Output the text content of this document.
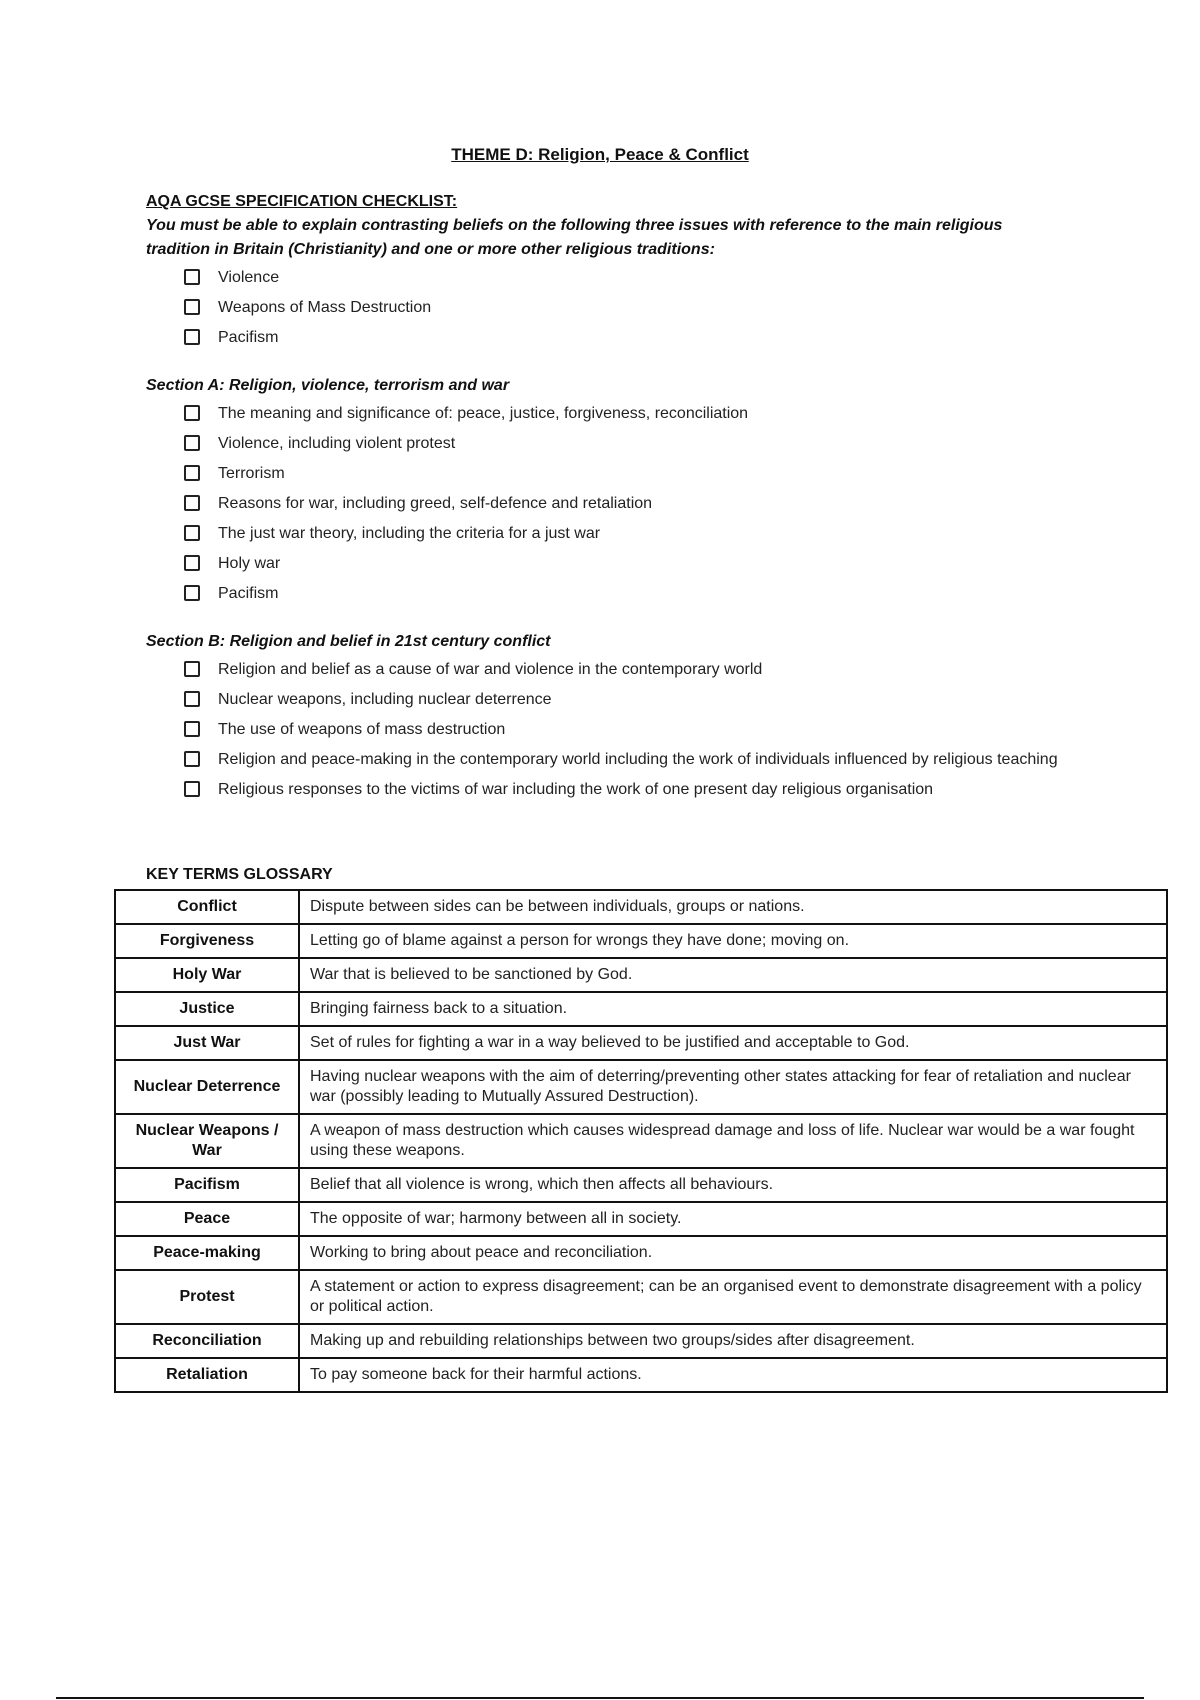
THEME D: Religion, Peace & Conflict

AQA GCSE SPECIFICATION CHECKLIST:

You must be able to explain contrasting beliefs on the following three issues with reference to the main religious tradition in Britain (Christianity) and one or more other religious traditions:

Violence
Weapons of Mass Destruction
Pacifism

Section A: Religion, violence, terrorism and war

The meaning and significance of: peace, justice, forgiveness, reconciliation
Violence, including violent protest
Terrorism
Reasons for war, including greed, self-defence and retaliation
The just war theory, including the criteria for a just war
Holy war
Pacifism

Section B: Religion and belief in 21st century conflict

Religion and belief as a cause of war and violence in the contemporary world
Nuclear weapons, including nuclear deterrence
The use of weapons of mass destruction
Religion and peace-making in the contemporary world including the work of individuals influenced by religious teaching
Religious responses to the victims of war including the work of one present day religious organisation
KEY TERMS GLOSSARY
Conflict	Dispute between sides can be between individuals, groups or nations.
Forgiveness	Letting go of blame against a person for wrongs they have done; moving on.
Holy War	War that is believed to be sanctioned by God.
Justice	Bringing fairness back to a situation.
Just War	Set of rules for fighting a war in a way believed to be justified and acceptable to God.
Nuclear Deterrence	Having nuclear weapons with the aim of deterring/preventing other states attacking for fear of retaliation and nuclear war (possibly leading to Mutually Assured Destruction).
Nuclear Weapons / War	A weapon of mass destruction which causes widespread damage and loss of life. Nuclear war would be a war fought using these weapons.
Pacifism	Belief that all violence is wrong, which then affects all behaviours.
Peace	The opposite of war; harmony between all in society.
Peace-making	Working to bring about peace and reconciliation.
Protest	A statement or action to express disagreement; can be an organised event to demonstrate disagreement with a policy or political action.
Reconciliation	Making up and rebuilding relationships between two groups/sides after disagreement.
Retaliation	To pay someone back for their harmful actions.
